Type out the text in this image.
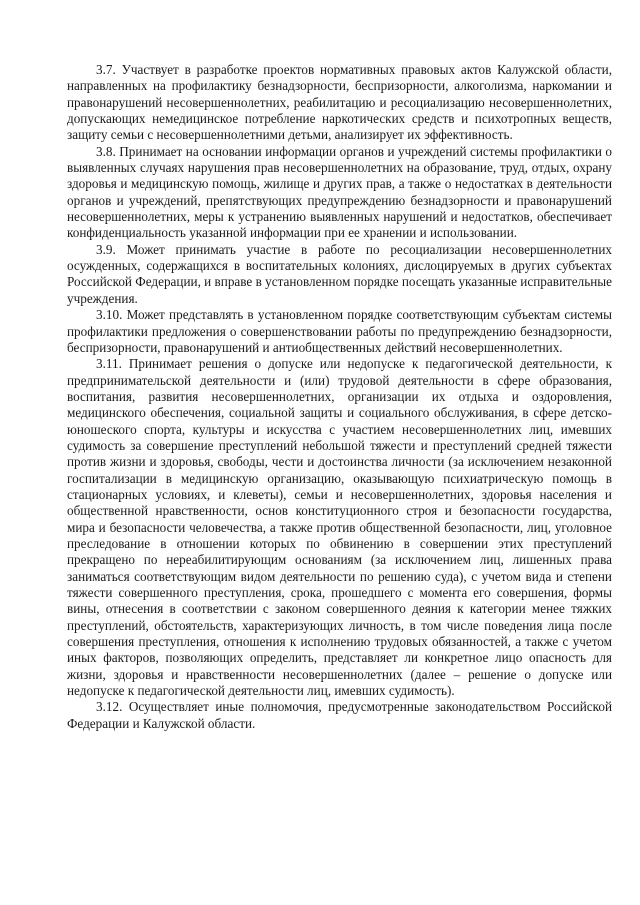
3.7. Участвует в разработке проектов нормативных правовых актов Калужской области, направленных на профилактику безнадзорности, беспризорности, алкоголизма, наркомании и правонарушений несовершеннолетних, реабилитацию и ресоциализацию несовершеннолетних, допускающих немедицинское потребление наркотических средств и психотропных веществ, защиту семьи с несовершеннолетними детьми, анализирует их эффективность.

3.8. Принимает на основании информации органов и учреждений системы профилактики о выявленных случаях нарушения прав несовершеннолетних на образование, труд, отдых, охрану здоровья и медицинскую помощь, жилище и других прав, а также о недостатках в деятельности органов и учреждений, препятствующих предупреждению безнадзорности и правонарушений несовершеннолетних, меры к устранению выявленных нарушений и недостатков, обеспечивает конфиденциальность указанной информации при ее хранении и использовании.

3.9. Может принимать участие в работе по ресоциализации несовершеннолетних осужденных, содержащихся в воспитательных колониях, дислоцируемых в других субъектах Российской Федерации, и вправе в установленном порядке посещать указанные исправительные учреждения.

3.10. Может представлять в установленном порядке соответствующим субъектам системы профилактики предложения о совершенствовании работы по предупреждению безнадзорности, беспризорности, правонарушений и антиобщественных действий несовершеннолетних.

3.11. Принимает решения о допуске или недопуске к педагогической деятельности, к предпринимательской деятельности и (или) трудовой деятельности в сфере образования, воспитания, развития несовершеннолетних, организации их отдыха и оздоровления, медицинского обеспечения, социальной защиты и социального обслуживания, в сфере детско-юношеского спорта, культуры и искусства с участием несовершеннолетних лиц, имевших судимость за совершение преступлений небольшой тяжести и преступлений средней тяжести против жизни и здоровья, свободы, чести и достоинства личности (за исключением незаконной госпитализации в медицинскую организацию, оказывающую психиатрическую помощь в стационарных условиях, и клеветы), семьи и несовершеннолетних, здоровья населения и общественной нравственности, основ конституционного строя и безопасности государства, мира и безопасности человечества, а также против общественной безопасности, лиц, уголовное преследование в отношении которых по обвинению в совершении этих преступлений прекращено по нереабилитирующим основаниям (за исключением лиц, лишенных права заниматься соответствующим видом деятельности по решению суда), с учетом вида и степени тяжести совершенного преступления, срока, прошедшего с момента его совершения, формы вины, отнесения в соответствии с законом совершенного деяния к категории менее тяжких преступлений, обстоятельств, характеризующих личность, в том числе поведения лица после совершения преступления, отношения к исполнению трудовых обязанностей, а также с учетом иных факторов, позволяющих определить, представляет ли конкретное лицо опасность для жизни, здоровья и нравственности несовершеннолетних (далее – решение о допуске или недопуске к педагогической деятельности лиц, имевших судимость).

3.12. Осуществляет иные полномочия, предусмотренные законодательством Российской Федерации и Калужской области.
